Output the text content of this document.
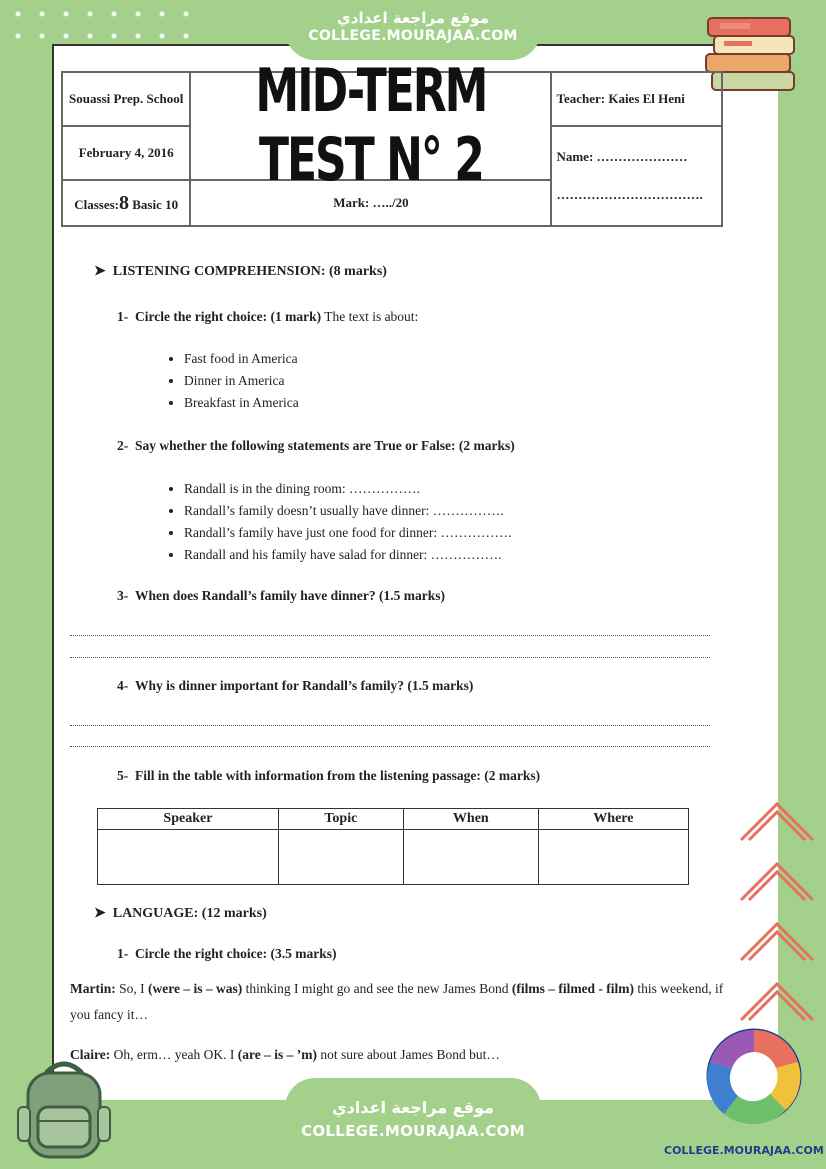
موقع مراجعة اعدادي
COLLEGE.MOURAJAA.COM
Souassi Prep. School	MID-TERM TEST N° 2	Teacher: Kaies El Heni
February 4, 2016		Name: …………………
…………………………….

Classes:8 Basic 10	Mark: …../20	
➤ LISTENING COMPREHENSION: (8 marks)
1- Circle the right choice: (1 mark) The text is about:
• Fast food in America
• Dinner in America
• Breakfast in America
2- Say whether the following statements are True or False: (2 marks)
• Randall is in the dining room: …………….
• Randall’s family doesn’t usually have dinner: …………….
• Randall’s family have just one food for dinner: …………….
• Randall and his family have salad for dinner: …………….
3- When does Randall’s family have dinner? (1.5 marks)
4- Why is dinner important for Randall’s family? (1.5 marks)
5- Fill in the table with information from the listening passage: (2 marks)
Speaker	Topic	When	Where

➤ LANGUAGE: (12 marks)
1- Circle the right choice: (3.5 marks)
Martin: So, I (were – is – was) thinking I might go and see the new James Bond (films – filmed - film) this weekend, if you fancy it…
Claire: Oh, erm… yeah OK. I (are – is – ’m) not sure about James Bond but…
موقع مراجعة اعدادي
COLLEGE.MOURAJAA.COM
COLLEGE.MOURAJAA.COM
